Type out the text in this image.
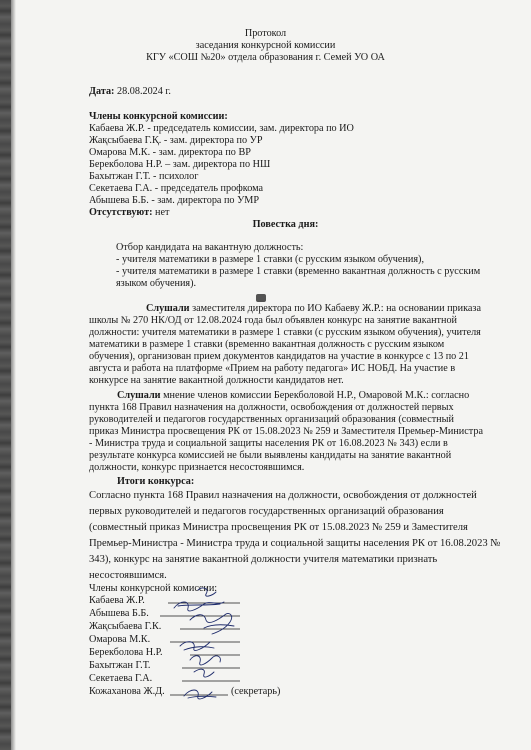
Протокол
заседания конкурсной комиссии
КГУ «СОШ №20» отдела образования г. Семей УО ОА
Дата: 28.08.2024 г.
Члены конкурсной комиссии:
Кабаева Ж.Р. - председатель комиссии, зам. директора по ИО
Жақсыбаева Г.Қ. - зам. директора по УР
Омарова М.К. - зам. директора по ВР
Берекболова Н.Р. – зам. директора по НШ
Бахытжан Г.Т. - психолог
Секетаева Г.А. - председатель профкома
Абышева Б.Б. - зам. директора по УМР
Отсутствуют: нет
Повестка дня:
Отбор кандидата на вакантную должность:
- учителя математики в размере 1 ставки (с русским языком обучения),
- учителя математики в размере 1 ставки (временно вакантная должность с русским
языком обучения).
Слушали заместителя директора по ИО Кабаеву Ж.Р.: на основании приказа
школы № 270 НК/ОД от 12.08.2024 года был объявлен конкурс на занятие вакантной
должности: учителя математики в размере 1 ставки (с русским языком обучения), учителя
математики в размере 1 ставки (временно вакантная должность с русским языком
обучения), организован прием документов кандидатов на участие в конкурсе с 13 по 21
августа и работа на платформе «Прием на работу педагога» ИС НОБД. На участие в
конкурсе на занятие вакантной должности кандидатов нет.
Слушали мнение членов комиссии Берекболовой Н.Р., Омаровой М.К.: согласно
пункта 168 Правил назначения на должности, освобождения от должностей первых
руководителей и педагогов государственных организаций образования (совместный
приказ Министра просвещения РК от 15.08.2023 № 259 и Заместителя Премьер-Министра
- Министра труда и социальной защиты населения РК от 16.08.2023 № 343) если в
результате конкурса комиссией не были выявлены кандидаты на занятие вакантной
должности, конкурс признается несостоявшимся.
Итоги конкурса:
Согласно пункта 168 Правил назначения на должности, освобождения от должностей
первых руководителей и педагогов государственных организаций образования
(совместный приказ Министра просвещения РК от 15.08.2023 № 259 и Заместителя
Премьер-Министра - Министра труда и социальной защиты населения РК от 16.08.2023 №
343), конкурс на занятие вакантной должности учителя математики признать
несостоявшимся.
Члены конкурсной комиссии:
Кабаева Ж.Р.
Абышева Б.Б.
Жақсыбаева Г.К.
Омарова М.К.
Берекболова Н.Р.
Бахытжан Г.Т.
Секетаева Г.А.
Кожаханова Ж.Д.	(секретарь)
